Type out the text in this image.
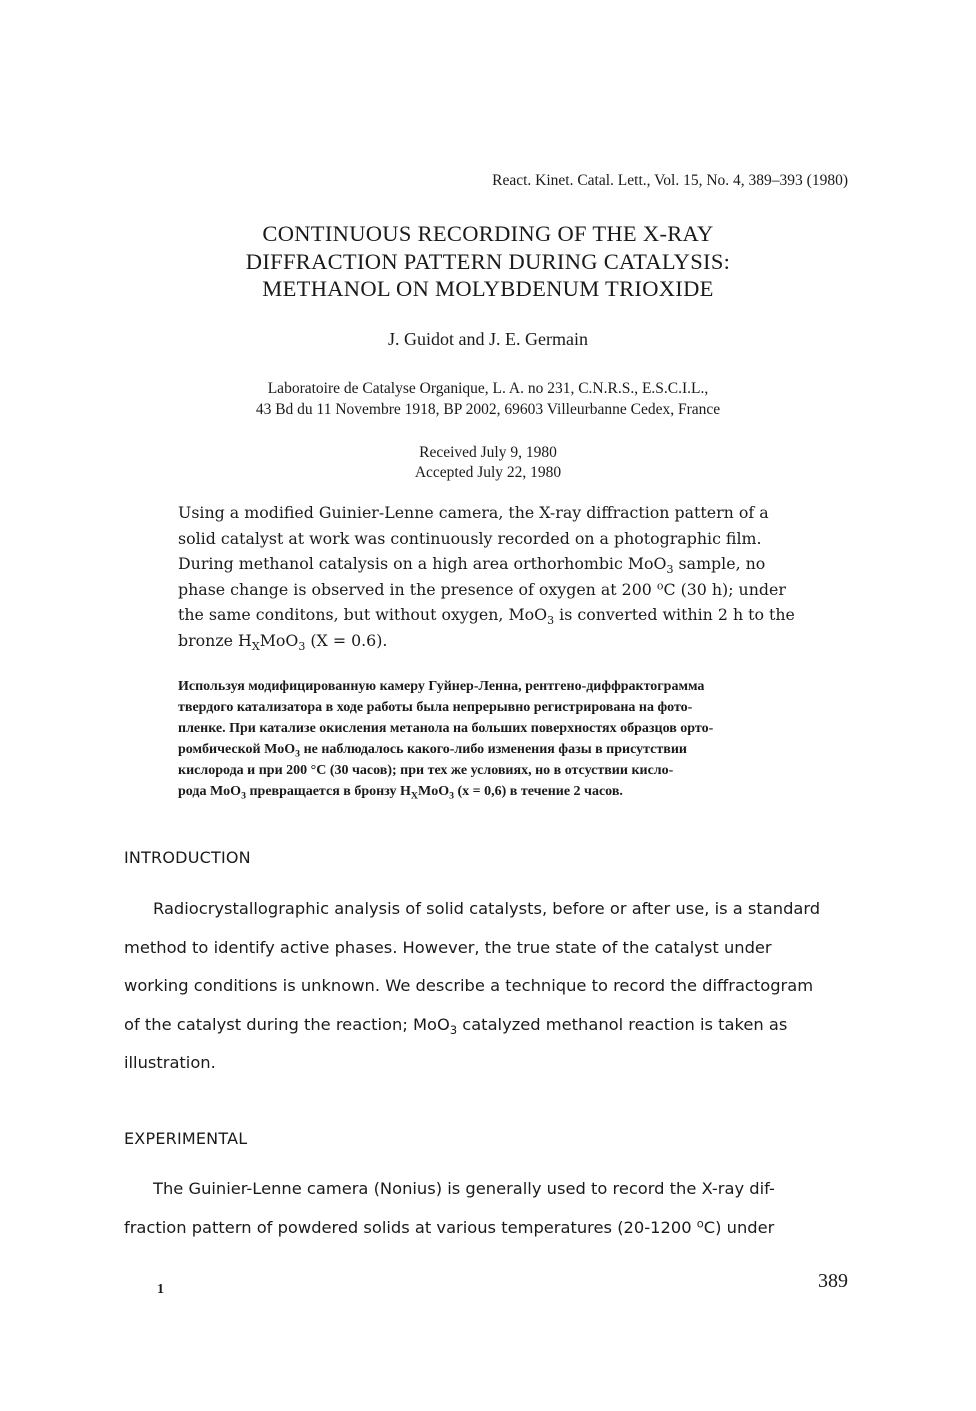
React. Kinet. Catal. Lett., Vol. 15, No. 4, 389–393 (1980)
CONTINUOUS RECORDING OF THE X-RAY
DIFFRACTION PATTERN DURING CATALYSIS:
METHANOL ON MOLYBDENUM TRIOXIDE
J. Guidot and J. E. Germain
Laboratoire de Catalyse Organique, L. A. no 231, C.N.R.S., E.S.C.I.L.,
43 Bd du 11 Novembre 1918, BP 2002, 69603 Villeurbanne Cedex, France
Received July 9, 1980
Accepted July 22, 1980
Using a modified Guinier-Lenne camera, the X-ray diffraction pattern of a
solid catalyst at work was continuously recorded on a photographic film.
During methanol catalysis on a high area orthorhombic MoO$_3$ sample, no
phase change is observed in the presence of oxygen at 200 $^o$C (30 h); under
the same conditons, but without oxygen, MoO$_3$ is converted within 2 h to the
bronze $H_XMoO_3$ (X = 0.6).
Используя модифицированную камеру Гуйнер-Ленна, рентгено-диффрактограмма
твердого катализатора в ходе работы была непрерывно регистрирована на фото-
пленке. При катализе окисления метанола на больших поверхностях образцов орто-
ромбической MoO$_3$ не наблюдалось какого-либо изменения фазы в присутствии
кислорода и при 200 °C (30 часов); при тех же условиях, но в отсуствии кисло-
рода MoO$_3$ превращается в бронзу $H_XMoO_3$ (x = 0,6) в течение 2 часов.
INTRODUCTION
Radiocrystallographic analysis of solid catalysts, before or after use, is a standard
method to identify active phases. However, the true state of the catalyst under
working conditions is unknown. We describe a technique to record the diffractogram
of the catalyst during the reaction; MoO$_3$ catalyzed methanol reaction is taken as
illustration.
EXPERIMENTAL
The Guinier-Lenne camera (Nonius) is generally used to record the X-ray dif-
fraction pattern of powdered solids at various temperatures (20-1200 $^o$C) under
1	389
